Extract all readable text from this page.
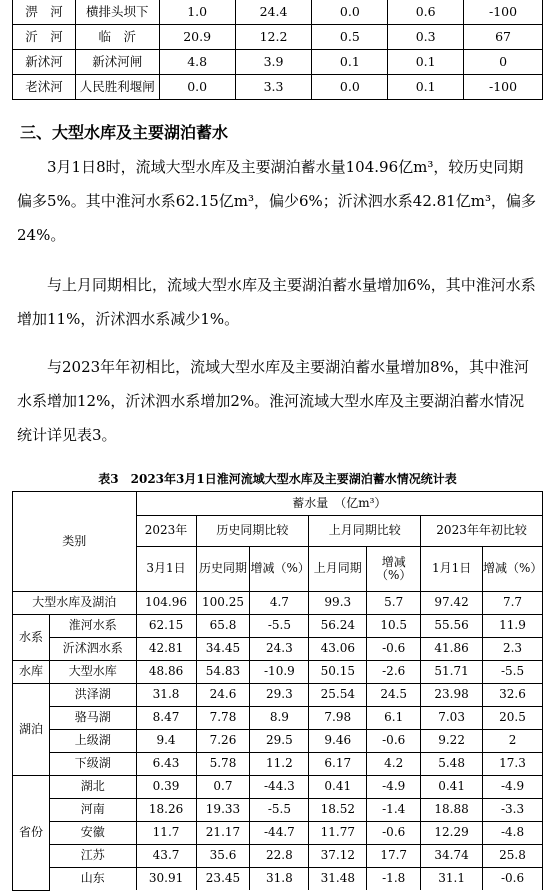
淠　河	横排头坝下	1.0	24.4	0.0	0.6	-100
沂　河	临　沂	20.9	12.2	0.5	0.3	67
新沭河	新沭河闸	4.8	3.9	0.1	0.1	0
老沭河	人民胜利堰闸	0.0	3.3	0.0	0.1	-100
三、大型水库及主要湖泊蓄水

3月1日8时，流域大型水库及主要湖泊蓄水量104.96亿m³，较历史同期偏多5%。其中淮河水系62.15亿m³，偏少6%；沂沭泗水系42.81亿m³，偏多24%。

与上月同期相比，流域大型水库及主要湖泊蓄水量增加6%，其中淮河水系增加11%，沂沭泗水系减少1%。

与2023年年初相比，流域大型水库及主要湖泊蓄水量增加8%，其中淮河水系增加12%，沂沭泗水系增加2%。淮河流域大型水库及主要湖泊蓄水情况统计详见表3。

表3　2023年3月1日淮河流域大型水库及主要湖泊蓄水情况统计表
类别		蓄水量　（亿m³）						
		2023年	历史同期比较		上月同期比较		2023年年初比较	
		3月1日	历史同期	增减（%）	上月同期	增减（%）	1月1日	增减（%）
大型水库及湖泊		104.96	100.25	4.7	99.3	5.7	97.42	7.7
水系	淮河水系	62.15	65.8	-5.5	56.24	10.5	55.56	11.9
	沂沭泗水系	42.81	34.45	24.3	43.06	-0.6	41.86	2.3
水库	大型水库	48.86	54.83	-10.9	50.15	-2.6	51.71	-5.5
湖泊	洪泽湖	31.8	24.6	29.3	25.54	24.5	23.98	32.6
	骆马湖	8.47	7.78	8.9	7.98	6.1	7.03	20.5
	上级湖	9.4	7.26	29.5	9.46	-0.6	9.22	2
	下级湖	6.43	5.78	11.2	6.17	4.2	5.48	17.3
省份	湖北	0.39	0.7	-44.3	0.41	-4.9	0.41	-4.9
	河南	18.26	19.33	-5.5	18.52	-1.4	18.88	-3.3
	安徽	11.7	21.17	-44.7	11.77	-0.6	12.29	-4.8
	江苏	43.7	35.6	22.8	37.12	17.7	34.74	25.8
	山东	30.91	23.45	31.8	31.48	-1.8	31.1	-0.6
